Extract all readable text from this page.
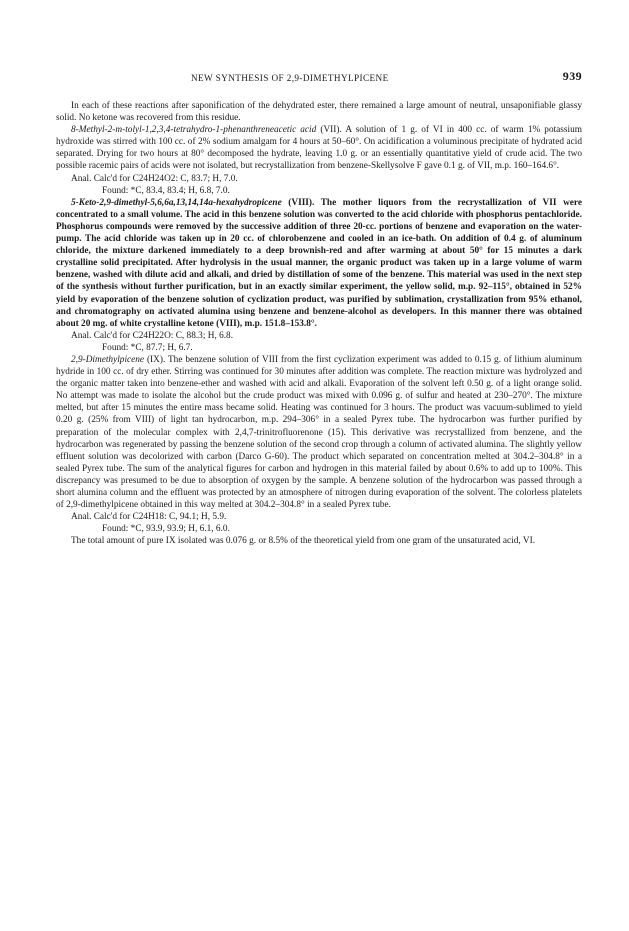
NEW SYNTHESIS OF 2,9-DIMETHYLPICENE	939

In each of these reactions after saponification of the dehydrated ester, there remained a large amount of neutral, unsaponifiable glassy solid. No ketone was recovered from this residue.

8-Methyl-2-m-tolyl-1,2,3,4-tetrahydro-1-phenanthreneacetic acid (VII). A solution of 1 g. of VI in 400 cc. of warm 1% potassium hydroxide was stirred with 100 cc. of 2% sodium amalgam for 4 hours at 50–60°. On acidification a voluminous precipitate of hydrated acid separated. Drying for two hours at 80° decomposed the hydrate, leaving 1.0 g. or an essentially quantitative yield of crude acid. The two possible racemic pairs of acids were not isolated, but recrystallization from benzene-Skellysolve F gave 0.1 g. of VII, m.p. 160–164.6°.

Anal. Calc'd for C24H24O2: C, 83.7; H, 7.0.

Found: *C, 83.4, 83.4; H, 6.8, 7.0.

5-Keto-2,9-dimethyl-5,6,6a,13,14,14a-hexahydropicene (VIII). The mother liquors from the recrystallization of VII were concentrated to a small volume. The acid in this benzene solution was converted to the acid chloride with phosphorus pentachloride. Phosphorus compounds were removed by the successive addition of three 20-cc. portions of benzene and evaporation on the water-pump. The acid chloride was taken up in 20 cc. of chlorobenzene and cooled in an ice-bath. On addition of 0.4 g. of aluminum chloride, the mixture darkened immediately to a deep brownish-red and after warming at about 50° for 15 minutes a dark crystalline solid precipitated. After hydrolysis in the usual manner, the organic product was taken up in a large volume of warm benzene, washed with dilute acid and alkali, and dried by distillation of some of the benzene. This material was used in the next step of the synthesis without further purification, but in an exactly similar experiment, the yellow solid, m.p. 92–115°, obtained in 52% yield by evaporation of the benzene solution of cyclization product, was purified by sublimation, crystallization from 95% ethanol, and chromatography on activated alumina using benzene and benzene-alcohol as developers. In this manner there was obtained about 20 mg. of white crystalline ketone (VIII), m.p. 151.8–153.8°.

Anal. Calc'd for C24H22O: C, 88.3; H, 6.8.

Found: *C, 87.7; H, 6.7.

2,9-Dimethylpicene (IX). The benzene solution of VIII from the first cyclization experiment was added to 0.15 g. of lithium aluminum hydride in 100 cc. of dry ether. Stirring was continued for 30 minutes after addition was complete. The reaction mixture was hydrolyzed and the organic matter taken into benzene-ether and washed with acid and alkali. Evaporation of the solvent left 0.50 g. of a light orange solid. No attempt was made to isolate the alcohol but the crude product was mixed with 0.096 g. of sulfur and heated at 230–270°. The mixture melted, but after 15 minutes the entire mass became solid. Heating was continued for 3 hours. The product was vacuum-sublimed to yield 0.20 g. (25% from VIII) of light tan hydrocarbon, m.p. 294–306° in a sealed Pyrex tube. The hydrocarbon was further purified by preparation of the molecular complex with 2,4,7-trinitrofluorenone (15). This derivative was recrystallized from benzene, and the hydrocarbon was regenerated by passing the benzene solution of the second crop through a column of activated alumina. The slightly yellow effluent solution was decolorized with carbon (Darco G-60). The product which separated on concentration melted at 304.2–304.8° in a sealed Pyrex tube. The sum of the analytical figures for carbon and hydrogen in this material failed by about 0.6% to add up to 100%. This discrepancy was presumed to be due to absorption of oxygen by the sample. A benzene solution of the hydrocarbon was passed through a short alumina column and the effluent was protected by an atmosphere of nitrogen during evaporation of the solvent. The colorless platelets of 2,9-dimethylpicene obtained in this way melted at 304.2–304.8° in a sealed Pyrex tube.

Anal. Calc'd for C24H18: C, 94.1; H, 5.9.

Found: *C, 93.9, 93.9; H, 6.1, 6.0.

The total amount of pure IX isolated was 0.076 g. or 8.5% of the theoretical yield from one gram of the unsaturated acid, VI.
